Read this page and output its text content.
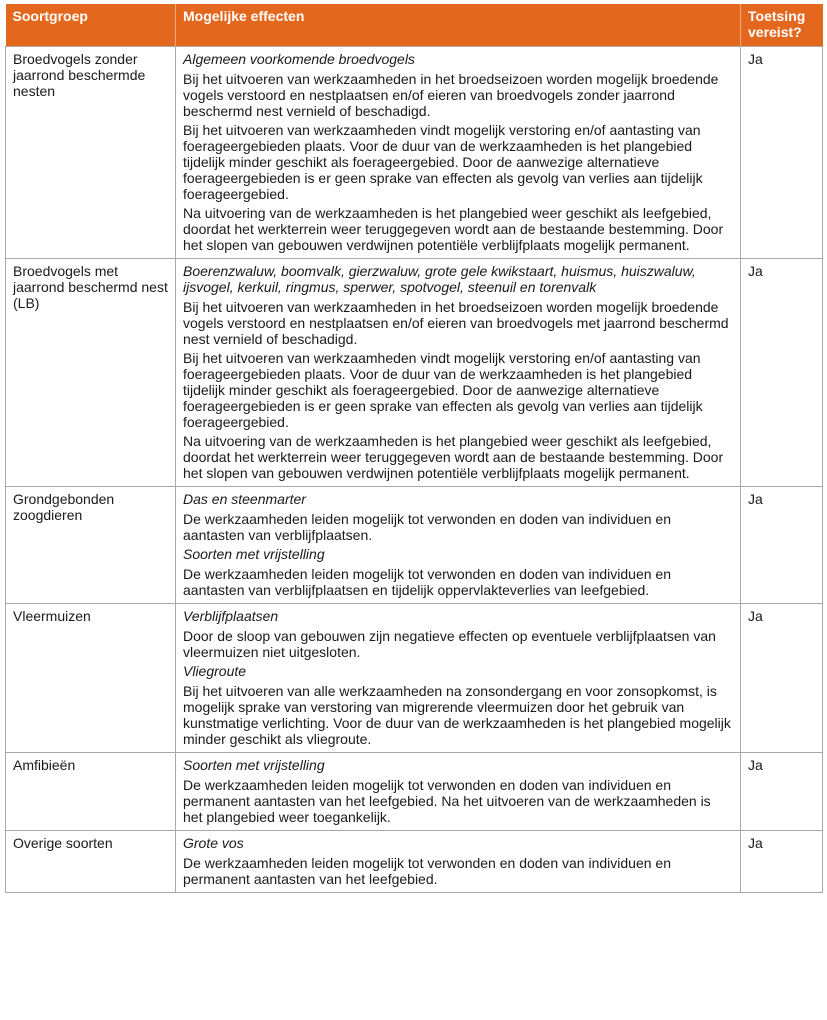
Soortgroep	Mogelijke effecten	Toetsing
vereist?
Broedvogels zonder jaarrond beschermde nesten	Algemeen voorkomende broedvogels
Bij het uitvoeren van werkzaamheden in het broedseizoen worden mogelijk broedende vogels verstoord en nestplaatsen en/of eieren van broedvogels zonder jaarrond beschermd nest vernield of beschadigd.
Bij het uitvoeren van werkzaamheden vindt mogelijk verstoring en/of aantasting van foerageergebieden plaats. Voor de duur van de werkzaamheden is het plangebied tijdelijk minder geschikt als foerageergebied. Door de aanwezige alternatieve foerageergebieden is er geen sprake van effecten als gevolg van verlies aan tijdelijk foerageergebied.
Na uitvoering van de werkzaamheden is het plangebied weer geschikt als leefgebied, doordat het werkterrein weer teruggegeven wordt aan de bestaande bestemming. Door het slopen van gebouwen verdwijnen potentiële verblijfplaats mogelijk permanent.	Ja
Broedvogels met jaarrond beschermd nest (LB)	Boerenzwaluw, boomvalk, gierzwaluw, grote gele kwikstaart, huismus, huiszwaluw, ijsvogel, kerkuil, ringmus, sperwer, spotvogel, steenuil en torenvalk
Bij het uitvoeren van werkzaamheden in het broedseizoen worden mogelijk broedende vogels verstoord en nestplaatsen en/of eieren van broedvogels met jaarrond beschermd nest vernield of beschadigd.
Bij het uitvoeren van werkzaamheden vindt mogelijk verstoring en/of aantasting van foerageergebieden plaats. Voor de duur van de werkzaamheden is het plangebied tijdelijk minder geschikt als foerageergebied. Door de aanwezige alternatieve foerageergebieden is er geen sprake van effecten als gevolg van verlies aan tijdelijk foerageergebied.
Na uitvoering van de werkzaamheden is het plangebied weer geschikt als leefgebied, doordat het werkterrein weer teruggegeven wordt aan de bestaande bestemming. Door het slopen van gebouwen verdwijnen potentiële verblijfplaats mogelijk permanent.	Ja
Grondgebonden zoogdieren	Das en steenmarter
De werkzaamheden leiden mogelijk tot verwonden en doden van individuen en aantasten van verblijfplaatsen.
Soorten met vrijstelling
De werkzaamheden leiden mogelijk tot verwonden en doden van individuen en aantasten van verblijfplaatsen en tijdelijk oppervlakteverlies van leefgebied.	Ja
Vleermuizen	Verblijfplaatsen
Door de sloop van gebouwen zijn negatieve effecten op eventuele verblijfplaatsen van vleermuizen niet uitgesloten.
Vliegroute
Bij het uitvoeren van alle werkzaamheden na zonsondergang en voor zonsopkomst, is mogelijk sprake van verstoring van migrerende vleermuizen door het gebruik van kunstmatige verlichting. Voor de duur van de werkzaamheden is het plangebied mogelijk minder geschikt als vliegroute.	Ja
Amfibieën	Soorten met vrijstelling
De werkzaamheden leiden mogelijk tot verwonden en doden van individuen en permanent aantasten van het leefgebied. Na het uitvoeren van de werkzaamheden is het plangebied weer toegankelijk.	Ja
Overige soorten	Grote vos
De werkzaamheden leiden mogelijk tot verwonden en doden van individuen en permanent aantasten van het leefgebied.	Ja
